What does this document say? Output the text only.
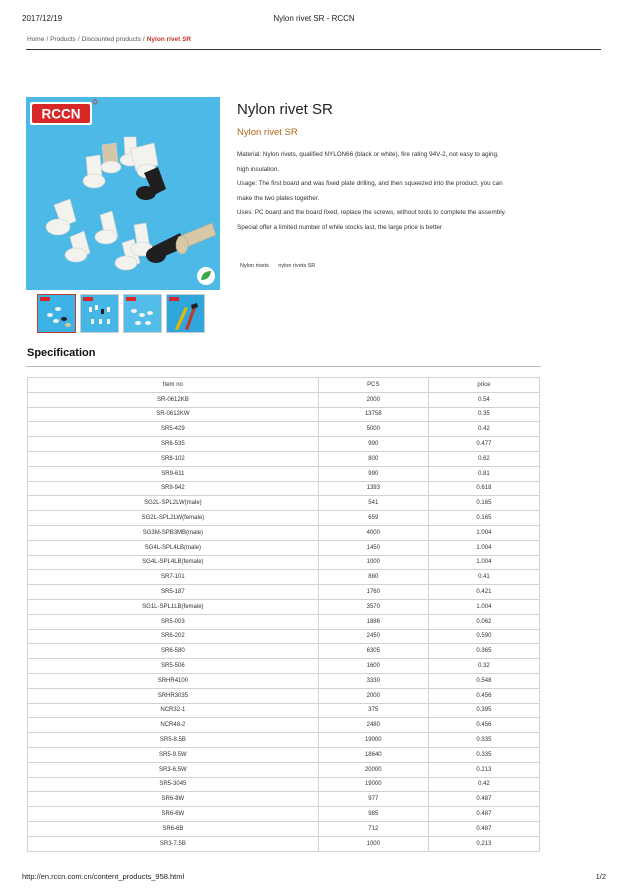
2017/12/19	Nylon rivet SR - RCCN
Home / Products / Discounted products / Nylon rivet SR
RCCN	Nylon rivet SR
Nylon rivet SR

Material: Nylon rivets, qualified NYLON66 (black or white), fire rating 94V-2, not easy to aging,

high insulation.

Usage: The first board and was fixed plate drilling, and then squeezed into the product, you can

make the two plates together.

Uses: PC board and the board fixed, replace the screws, without tools to complete the assembly.

Special offer a limited number of while stocks last, the large price is better

Nylon rivets nylon rivets SR
Specification
Item no	PCS	price
SR-0612KB	2000	0.54
SR-0612KW	13758	0.35
SR5-429	5000	0.42
SR6-535	990	0.477
SR8-102	800	0.62
SR9-611	990	0.81
SR9-942	1393	0.618
SG2L-SPL2LW(male)	541	0.165
SG2L-SPL2LW(female)	659	0.165
SG3M-SPB3MB(male)	4000	1.004
SG4L-SPL4LB(male)	1450	1.004
SG4L-SPL4LB(female)	1000	1.004
SR7-101	880	0.41
SR5-187	1760	0.421
SG1L-SPL1LB(female)	3570	1.004
SR5-003	1886	0.062
SR6-202	2450	0.590
SR6-580	6305	0.365
SR5-506	1600	0.32
SRHR4100	3330	0.548
SRHR3035	2000	0.456
NCR32-1	375	0.395
NCR48-2	2480	0.456
SR5-8.5B	19000	0.335
SR5-9.5W	18640	0.335
SR3-6.5W	20000	0.213
SR5-3045	19000	0.42
SR6-8W	977	0.487
SR6-6W	985	0.487
SR6-6B	712	0.487
SR3-7.5B	1000	0.213
http://en.rccn.com.cn/content_products_958.html	1/2
